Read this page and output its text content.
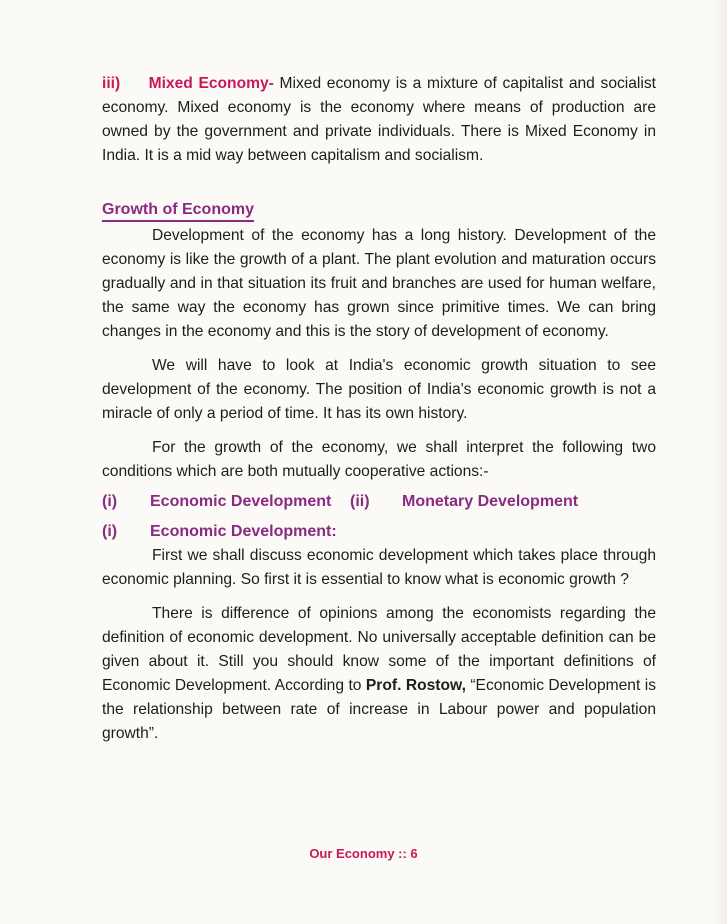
iii) Mixed Economy- Mixed economy is a mixture of capitalist and socialist economy. Mixed economy is the economy where means of production are owned by the government and private individuals. There is Mixed Economy in India. It is a mid way between capitalism and socialism.

Growth of Economy

Development of the economy has a long history. Development of the economy is like the growth of a plant. The plant evolution and maturation occurs gradually and in that situation its fruit and branches are used for human welfare, the same way the economy has grown since primitive times. We can bring changes in the economy and this is the story of development of economy.

We will have to look at India's economic growth situation to see development of the economy. The position of India's economic growth is not a miracle of only a period of time. It has its own history.

For the growth of the economy, we shall interpret the following two conditions which are both mutually cooperative actions:-

(i)	Economic Development	(ii)	Monetary Development
(i)	Economic Development:

First we shall discuss economic development which takes place through economic planning. So first it is essential to know what is economic growth ?

There is difference of opinions among the economists regarding the definition of economic development. No universally acceptable definition can be given about it. Still you should know some of the important definitions of Economic Development. According to Prof. Rostow, “Economic Development is the relationship between rate of increase in Labour power and population growth”.

Our Economy :: 6
